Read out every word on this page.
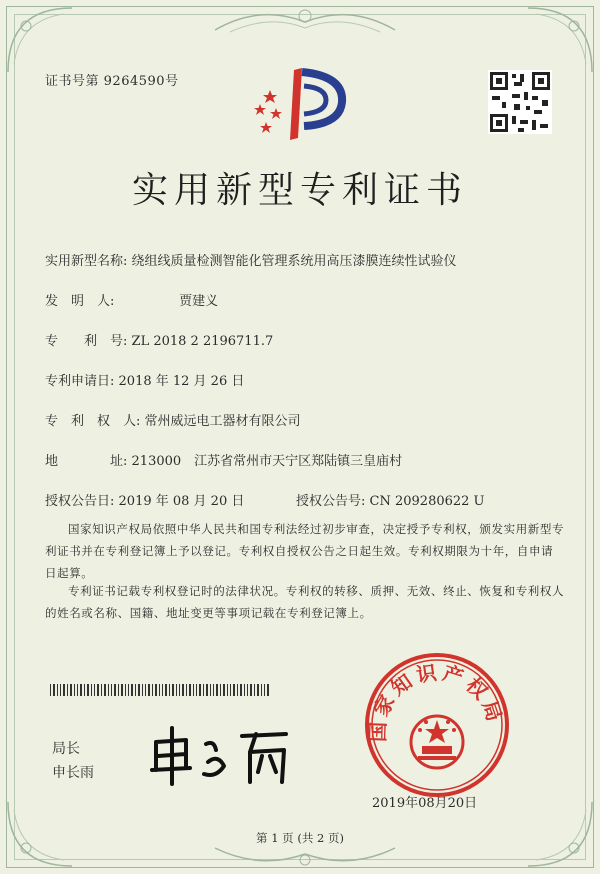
证书号第 9264590号
实用新型专利证书
实用新型名称: 绕组线质量检测智能化管理系统用高压漆膜连续性试验仪
发　明　人:	贾建义
专　　利　号: ZL 2018 2 2196711.7
专利申请日: 2018 年 12 月 26 日
专　利　权　人: 常州威远电工器材有限公司
地　　　　址: 213000　江苏省常州市天宁区郑陆镇三皇庙村
授权公告日: 2019 年 08 月 20 日	授权公告号: CN 209280622 U
国家知识产权局依照中华人民共和国专利法经过初步审查，决定授予专利权，颁发实用新型专利证书并在专利登记簿上予以登记。专利权自授权公告之日起生效。专利权期限为十年，自申请日起算。
专利证书记载专利权登记时的法律状况。专利权的转移、质押、无效、终止、恢复和专利权人的姓名或名称、国籍、地址变更等事项记载在专利登记簿上。
局长
申长雨
国家知识产权局
2019年08月20日
第 1 页 (共 2 页)
